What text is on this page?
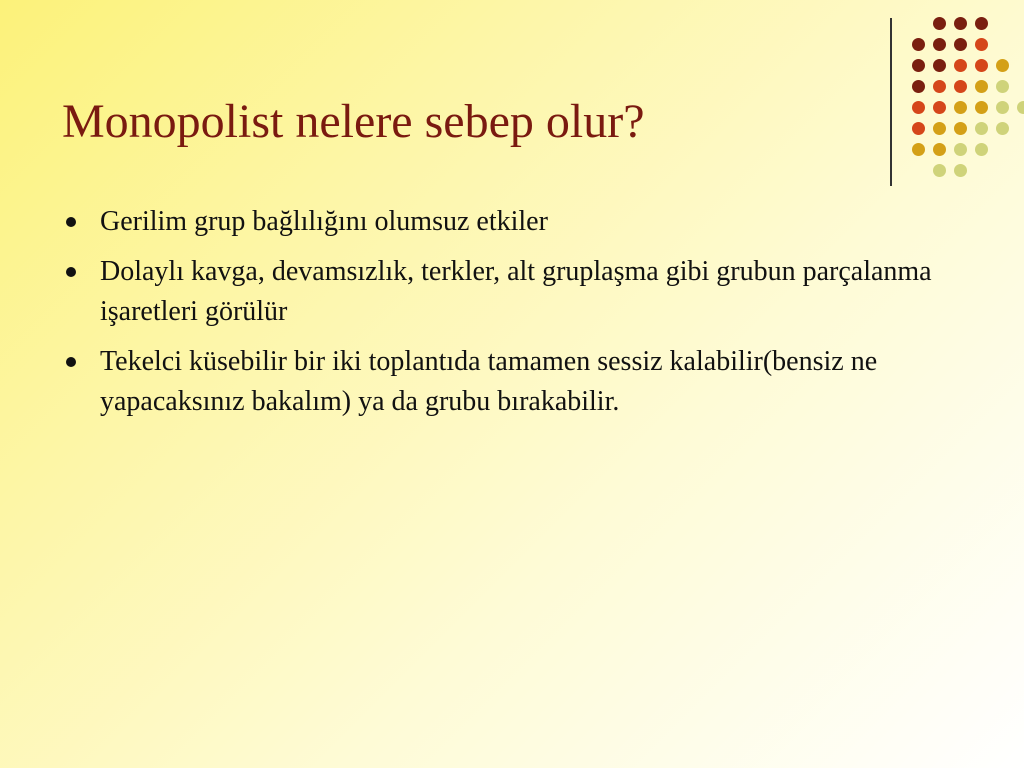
Monopolist nelere sebep olur?
Gerilim grup bağlılığını olumsuz etkiler
Dolaylı kavga, devamsızlık, terkler, alt gruplaşma gibi grubun parçalanma işaretleri görülür
Tekelci küsebilir bir iki toplantıda tamamen sessiz kalabilir(bensiz ne yapacaksınız bakalım) ya da grubu bırakabilir.
